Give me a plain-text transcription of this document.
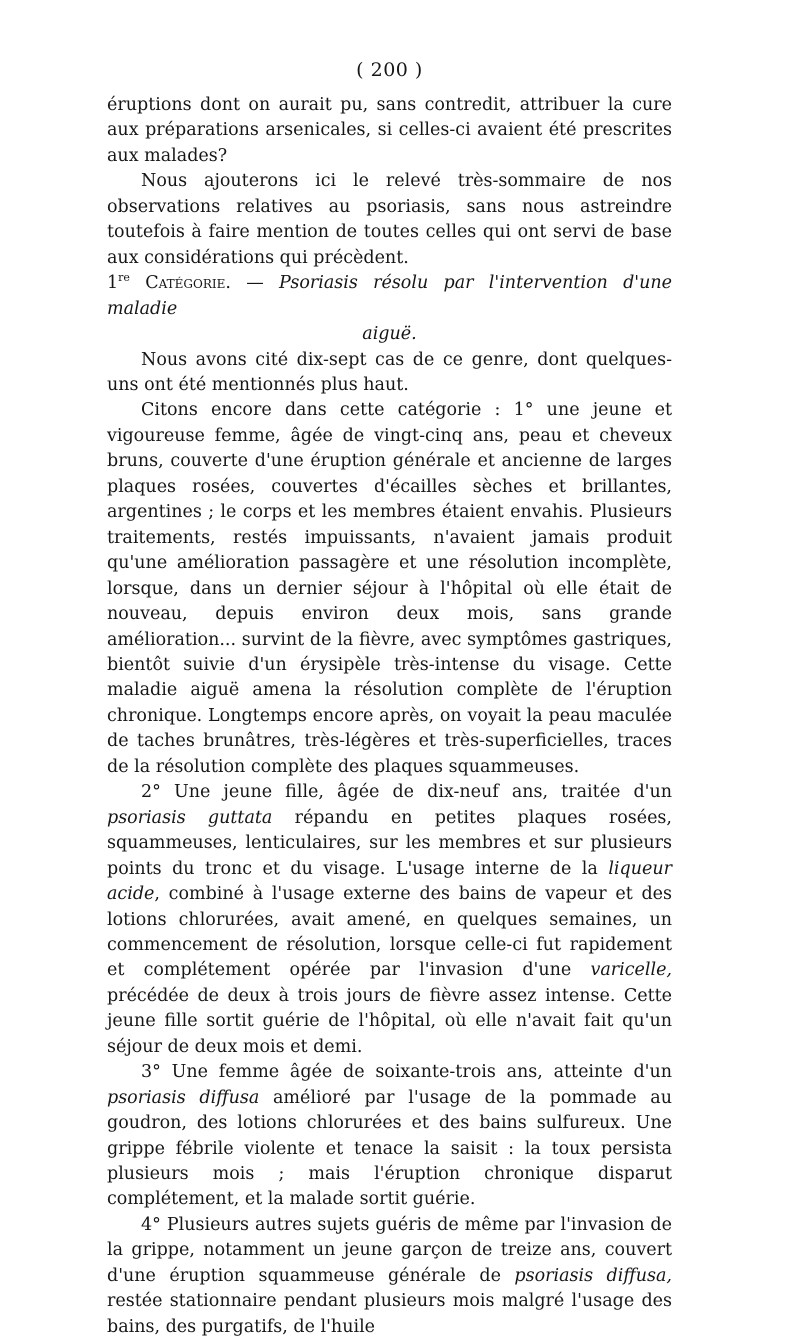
( 200 )

éruptions dont on aurait pu, sans contredit, attribuer la cure aux préparations arsenicales, si celles-ci avaient été prescrites aux malades?

Nous ajouterons ici le relevé très-sommaire de nos observations relatives au psoriasis, sans nous astreindre toutefois à faire mention de toutes celles qui ont servi de base aux considérations qui précèdent.

1re Catégorie. — Psoriasis résolu par l'intervention d'une maladie

aiguë.

Nous avons cité dix-sept cas de ce genre, dont quelques-uns ont été mentionnés plus haut.

Citons encore dans cette catégorie : 1° une jeune et vigoureuse femme, âgée de vingt-cinq ans, peau et cheveux bruns, couverte d'une éruption générale et ancienne de larges plaques rosées, couvertes d'écailles sèches et brillantes, argentines ; le corps et les membres étaient envahis. Plusieurs traitements, restés impuissants, n'avaient jamais produit qu'une amélioration passagère et une résolution incomplète, lorsque, dans un dernier séjour à l'hôpital où elle était de nouveau, depuis environ deux mois, sans grande amélioration... survint de la fièvre, avec symptômes gastriques, bientôt suivie d'un érysipèle très-intense du visage. Cette maladie aiguë amena la résolution complète de l'éruption chronique. Longtemps encore après, on voyait la peau maculée de taches brunâtres, très-légères et très-superficielles, traces de la résolution complète des plaques squammeuses.

2° Une jeune fille, âgée de dix-neuf ans, traitée d'un psoriasis guttata répandu en petites plaques rosées, squammeuses, lenticulaires, sur les membres et sur plusieurs points du tronc et du visage. L'usage interne de la liqueur acide, combiné à l'usage externe des bains de vapeur et des lotions chlorurées, avait amené, en quelques semaines, un commencement de résolution, lorsque celle-ci fut rapidement et complétement opérée par l'invasion d'une varicelle, précédée de deux à trois jours de fièvre assez intense. Cette jeune fille sortit guérie de l'hôpital, où elle n'avait fait qu'un séjour de deux mois et demi.

3° Une femme âgée de soixante-trois ans, atteinte d'un psoriasis diffusa amélioré par l'usage de la pommade au goudron, des lotions chlorurées et des bains sulfureux. Une grippe fébrile violente et tenace la saisit : la toux persista plusieurs mois ; mais l'éruption chronique disparut complétement, et la malade sortit guérie.

4° Plusieurs autres sujets guéris de même par l'invasion de la grippe, notamment un jeune garçon de treize ans, couvert d'une éruption squammeuse générale de psoriasis diffusa, restée stationnaire pendant plusieurs mois malgré l'usage des bains, des purgatifs, de l'huile
